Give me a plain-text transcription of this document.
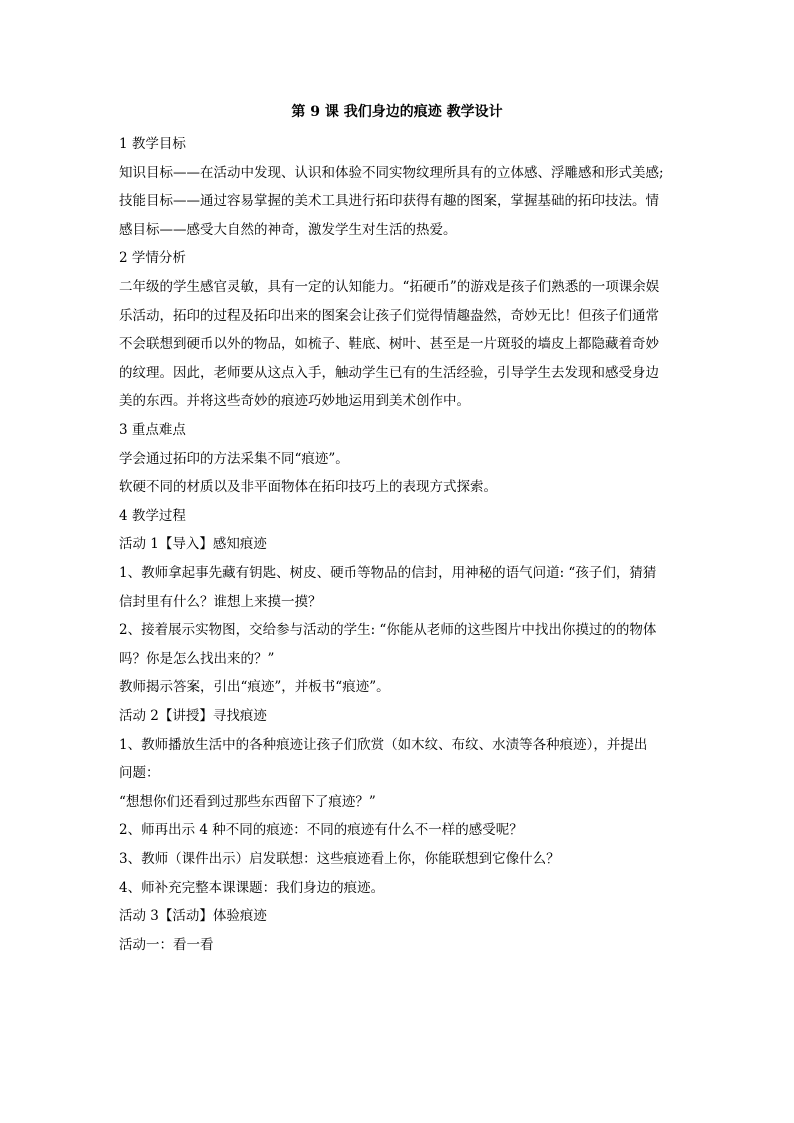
第 9 课 我们身边的痕迹 教学设计
1 教学目标
知识目标——在活动中发现、认识和体验不同实物纹理所具有的立体感、浮雕感和形式美感;
技能目标——通过容易掌握的美术工具进行拓印获得有趣的图案，掌握基础的拓印技法。情
感目标——感受大自然的神奇，激发学生对生活的热爱。
2 学情分析
二年级的学生感官灵敏，具有一定的认知能力。“拓硬币”的游戏是孩子们熟悉的一项课余娱
乐活动，拓印的过程及拓印出来的图案会让孩子们觉得情趣盎然，奇妙无比！但孩子们通常
不会联想到硬币以外的物品，如梳子、鞋底、树叶、甚至是一片斑驳的墙皮上都隐藏着奇妙
的纹理。因此，老师要从这点入手，触动学生已有的生活经验，引导学生去发现和感受身边
美的东西。并将这些奇妙的痕迹巧妙地运用到美术创作中。
3 重点难点
学会通过拓印的方法采集不同“痕迹”。
软硬不同的材质以及非平面物体在拓印技巧上的表现方式探索。
4 教学过程
活动 1【导入】感知痕迹
1、教师拿起事先藏有钥匙、树皮、硬币等物品的信封，用神秘的语气问道: “孩子们，猜猜
信封里有什么？谁想上来摸一摸？
2、接着展示实物图，交给参与活动的学生: “你能从老师的这些图片中找出你摸过的的物体
吗？你是怎么找出来的？”
教师揭示答案，引出“痕迹”，并板书“痕迹”。
活动 2【讲授】寻找痕迹
1、教师播放生活中的各种痕迹让孩子们欣赏（如木纹、布纹、水渍等各种痕迹），并提出
问题：
“想想你们还看到过那些东西留下了痕迹？”
2、师再出示 4 种不同的痕迹：不同的痕迹有什么不一样的感受呢？
3、教师（课件出示）启发联想：这些痕迹看上你，你能联想到它像什么？
4、师补充完整本课课题：我们身边的痕迹。
活动 3【活动】体验痕迹
活动一：看一看
